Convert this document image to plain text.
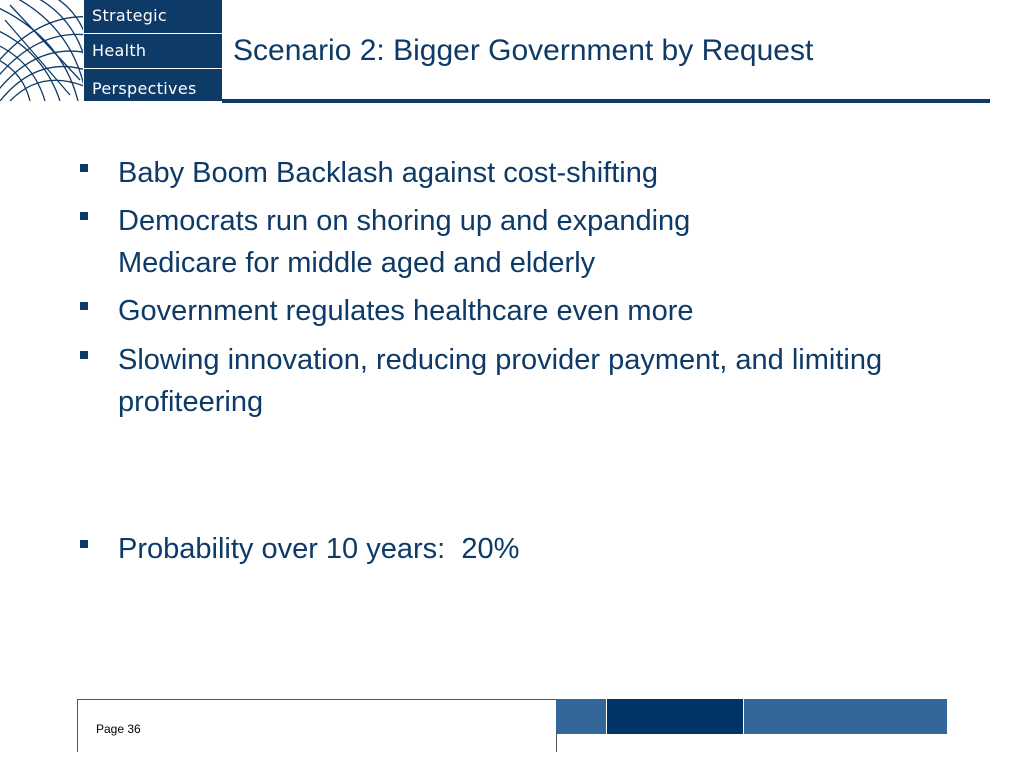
Strategic
Health
Perspectives
Scenario 2: Bigger Government by Request
Baby Boom Backlash against cost-shifting
Democrats run on shoring up and expanding Medicare for middle aged and elderly
Government regulates healthcare even more
Slowing innovation, reducing provider payment, and limiting profiteering
Probability over 10 years:  20%
Page 36
